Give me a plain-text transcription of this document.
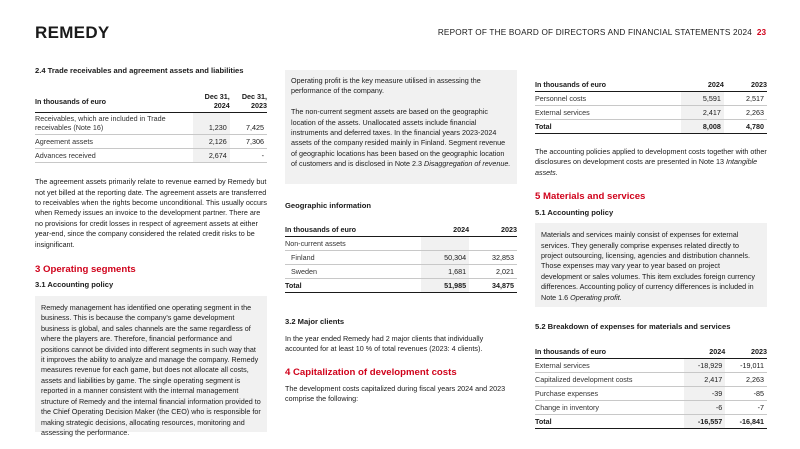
REMEDY	REPORT OF THE BOARD OF DIRECTORS AND FINANCIAL STATEMENTS 2024 23
2.4 Trade receivables and agreement assets and liabilities
In thousands of euro	Dec 31, 2024	Dec 31, 2023
Receivables, which are included in Trade receivables (Note 16)	1,230	7,425
Agreement assets	2,126	7,306
Advances received	2,674	-

The agreement assets primarily relate to revenue earned by Remedy but not yet billed at the reporting date. The agreement assets are transferred to receivables when the rights become unconditional. This usually occurs when Remedy issues an invoice to the development partner. There are no provisions for credit losses in respect of agreement assets at either year-end, since the company considered the related credit risks to be insignificant.

3 Operating segments
3.1 Accounting policy

Remedy management has identified one operating segment in the business. This is because the company's game development business is global, and sales channels are the same regardless of where the players are. Therefore, financial performance and positions cannot be divided into different segments in such way that it improves the ability to analyze and manage the company. Remedy measures revenue for each game, but does not allocate all costs, assets and liabilities by game. The single operating segment is reported in a manner consistent with the internal management structure of Remedy and the internal financial information provided to the Chief Operating Decision Maker (the CEO) who is responsible for making strategic decisions, allocating resources, monitoring and assessing the performance.

Operating profit is the key measure utilised in assessing the performance of the company.

The non-current segment assets are based on the geographic location of the assets. Unallocated assets include financial instruments and deferred taxes. In the financial years 2023-2024 assets of the company resided mainly in Finland. Segment revenue of geographic locations has been based on the geographic location of customers and is disclosed in Note 2.3 Disaggregation of revenue.

Geographic information
In thousands of euro	2024	2023
Non-current assets		
Finland	50,304	32,853
Sweden	1,681	2,021
Total	51,985	34,875
3.2 Major clients

In the year ended Remedy had 2 major clients that individually accounted for at least 10 % of total revenues (2023: 4 clients).

4 Capitalization of development costs

The development costs capitalized during fiscal years 2024 and 2023 comprise the following:

In thousands of euro	2024	2023
Personnel costs	5,591	2,517
External services	2,417	2,263
Total	8,008	4,780

The accounting policies applied to development costs together with other disclosures on development costs are presented in Note 13 Intangible assets.

5 Materials and services
5.1 Accounting policy

Materials and services mainly consist of expenses for external services. They generally comprise expenses related directly to project outsourcing, licensing, agencies and distribution channels. Those expenses may vary year to year based on project development or sales volumes. This item excludes foreign currency differences. Accounting policy of currency differences is included in Note 1.6 Operating profit.

5.2 Breakdown of expenses for materials and services
In thousands of euro	2024	2023
External services	-18,929	-19,011
Capitalized development costs	2,417	2,263
Purchase expenses	-39	-85
Change in inventory	-6	-7
Total	-16,557	-16,841
